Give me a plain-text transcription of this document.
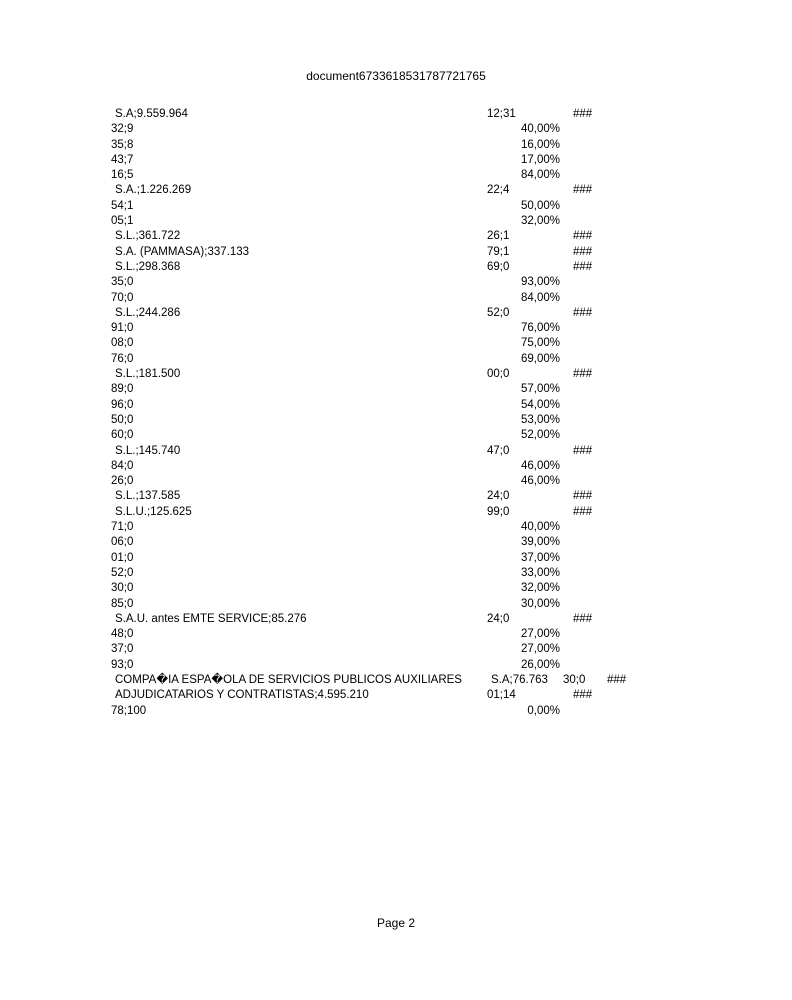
document6733618531787721765
S.A;9.559.964	12;31	###
32;9	40,00%
35;8	16,00%
43;7	17,00%
16;5	84,00%
S.A.;1.226.269	22;4	###
54;1	50,00%
05;1	32,00%
S.L.;361.722	26;1	###
S.A. (PAMMASA);337.133	79;1	###
S.L.;298.368	69;0	###
35;0	93,00%
70;0	84,00%
S.L.;244.286	52;0	###
91;0	76,00%
08;0	75,00%
76;0	69,00%
S.L.;181.500	00;0	###
89;0	57,00%
96;0	54,00%
50;0	53,00%
60;0	52,00%
S.L.;145.740	47;0	###
84;0	46,00%
26;0	46,00%
S.L.;137.585	24;0	###
S.L.U.;125.625	99;0	###
71;0	40,00%
06;0	39,00%
01;0	37,00%
52;0	33,00%
30;0	32,00%
85;0	30,00%
S.A.U. antes EMTE SERVICE;85.276	24;0	###
48;0	27,00%
37;0	27,00%
93;0	26,00%
COMPA�IA ESPA�OLA DE SERVICIOS PUBLICOS AUXILIARES	S.A;76.763 30;0 ###
ADJUDICATARIOS Y CONTRATISTAS;4.595.210	01;14	###
78;100	0,00%
Page 2
